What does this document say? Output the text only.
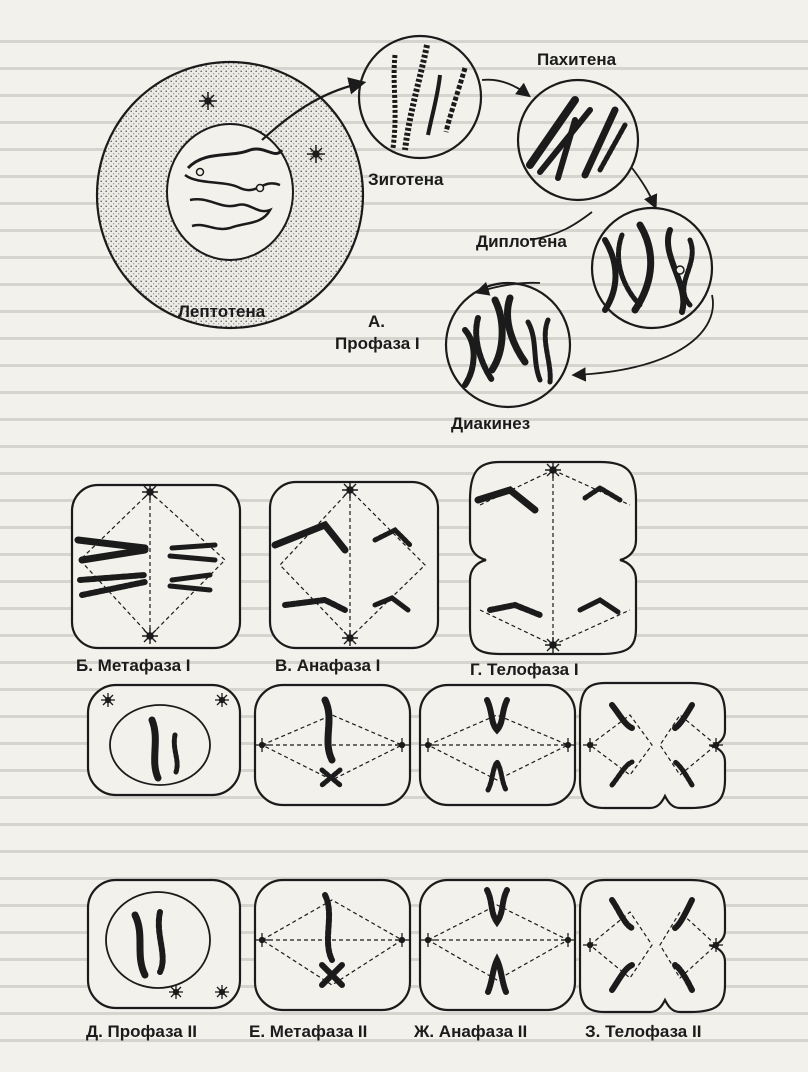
Лептотена
Зиготена
Пахитена
Диплотена
Диакинез
А.
Профаза I
Б. Метафаза I	В. Анафаза I	Г. Телофаза I
Д. Профаза II	Е. Метафаза II	Ж. Анафаза II	З. Телофаза II
